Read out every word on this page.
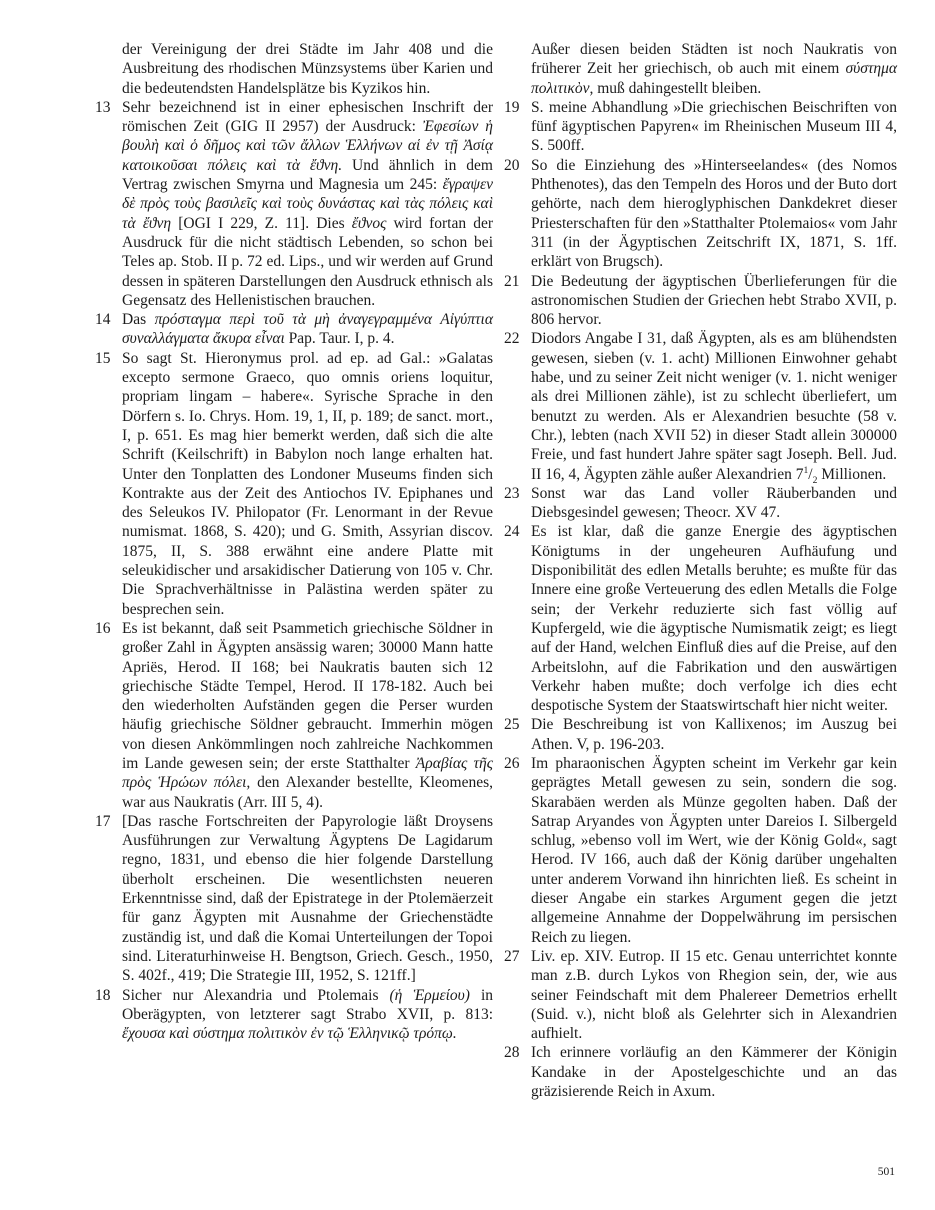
der Vereinigung der drei Städte im Jahr 408 und die Ausbreitung des rhodischen Münzsystems über Karien und die bedeutendsten Handelsplätze bis Kyzikos hin.

13 Sehr bezeichnend ist in einer ephesischen Inschrift der römischen Zeit (GIG II 2957) der Ausdruck: Ἐφεσίων ἡ βουλὴ καὶ ὁ δῆμος καὶ τῶν ἄλλων Ἑλλήνων αἱ ἐν τῇ Ἀσίᾳ κατοικοῦσαι πόλεις καὶ τὰ ἔϑνη. Und ähnlich in dem Vertrag zwischen Smyrna und Magnesia um 245: ἔγραψεν δὲ πρὸς τοὺς βασιλεῖς καὶ τοὺς δυνάστας καὶ τὰς πόλεις καὶ τὰ ἔϑνη [OGI I 229, Z. 11]. Dies ἔϑνος wird fortan der Ausdruck für die nicht städtisch Lebenden, so schon bei Teles ap. Stob. II p. 72 ed. Lips., und wir werden auf Grund dessen in späteren Darstellungen den Ausdruck ethnisch als Gegensatz des Hellenistischen brauchen.

14 Das πρόσταγμα περὶ τοῦ τὰ μὴ ἀναγεγραμμένα Αἰγύπτια συναλλάγματα ἄκυρα εἶναι Pap. Taur. I, p. 4.

15 So sagt St. Hieronymus prol. ad ep. ad Gal.: »Galatas excepto sermone Graeco, quo omnis oriens loquitur, propriam lingam – habere«. Syrische Sprache in den Dörfern s. Io. Chrys. Hom. 19, 1, II, p. 189; de sanct. mort., I, p. 651. Es mag hier bemerkt werden, daß sich die alte Schrift (Keilschrift) in Babylon noch lange erhalten hat. Unter den Tonplatten des Londoner Museums finden sich Kontrakte aus der Zeit des Antiochos IV. Epiphanes und des Seleukos IV. Philopator (Fr. Lenormant in der Revue numismat. 1868, S. 420); und G. Smith, Assyrian discov. 1875, II, S. 388 erwähnt eine andere Platte mit seleukidischer und arsakidischer Datierung von 105 v. Chr. Die Sprachverhältnisse in Palästina werden später zu besprechen sein.

16 Es ist bekannt, daß seit Psammetich griechische Söldner in großer Zahl in Ägypten ansässig waren; 30000 Mann hatte Apriës, Herod. II 168; bei Naukratis bauten sich 12 griechische Städte Tempel, Herod. II 178-182. Auch bei den wiederholten Aufständen gegen die Perser wurden häufig griechische Söldner gebraucht. Immerhin mögen von diesen Ankömmlingen noch zahlreiche Nachkommen im Lande gewesen sein; der erste Statthalter Ἀραβίας τῆς πρὸς Ἡρώων πόλει, den Alexander bestellte, Kleomenes, war aus Naukratis (Arr. III 5, 4).

17 [Das rasche Fortschreiten der Papyrologie läßt Droysens Ausführungen zur Verwaltung Ägyptens De Lagidarum regno, 1831, und ebenso die hier folgende Darstellung überholt erscheinen. Die wesentlichsten neueren Erkenntnisse sind, daß der Epistratege in der Ptolemäerzeit für ganz Ägypten mit Ausnahme der Griechenstädte zuständig ist, und daß die Komai Unterteilungen der Topoi sind. Literaturhinweise H. Bengtson, Griech. Gesch., 1950, S. 402f., 419; Die Strategie III, 1952, S. 121ff.]

18 Sicher nur Alexandria und Ptolemais (ἡ Ἑρμείου) in Oberägypten, von letzterer sagt Strabo XVII, p. 813: ἔχουσα καὶ σύστημα πολιτικὸν ἐν τῷ Ἑλληνικῷ τρόπῳ.

Außer diesen beiden Städten ist noch Naukratis von früherer Zeit her griechisch, ob auch mit einem σύστημα πολιτικὸν, muß dahingestellt bleiben.

19 S. meine Abhandlung »Die griechischen Beischriften von fünf ägyptischen Papyren« im Rheinischen Museum III 4, S. 500ff.

20 So die Einziehung des »Hinterseelandes« (des Nomos Phthenotes), das den Tempeln des Horos und der Buto dort gehörte, nach dem hieroglyphischen Dankdekret dieser Priesterschaften für den »Statthalter Ptolemaios« vom Jahr 311 (in der Ägyptischen Zeitschrift IX, 1871, S. 1ff. erklärt von Brugsch).

21 Die Bedeutung der ägyptischen Überlieferungen für die astronomischen Studien der Griechen hebt Strabo XVII, p. 806 hervor.

22 Diodors Angabe I 31, daß Ägypten, als es am blühendsten gewesen, sieben (v. 1. acht) Millionen Einwohner gehabt habe, und zu seiner Zeit nicht weniger (v. 1. nicht weniger als drei Millionen zähle), ist zu schlecht überliefert, um benutzt zu werden. Als er Alexandrien besuchte (58 v. Chr.), lebten (nach XVII 52) in dieser Stadt allein 300000 Freie, und fast hundert Jahre später sagt Joseph. Bell. Jud. II 16, 4, Ägypten zähle außer Alexandrien $7^1/_2$ Millionen.

23 Sonst war das Land voller Räuberbanden und Diebsgesindel gewesen; Theocr. XV 47.

24 Es ist klar, daß die ganze Energie des ägyptischen Königtums in der ungeheuren Aufhäufung und Disponibilität des edlen Metalls beruhte; es mußte für das Innere eine große Verteuerung des edlen Metalls die Folge sein; der Verkehr reduzierte sich fast völlig auf Kupfergeld, wie die ägyptische Numismatik zeigt; es liegt auf der Hand, welchen Einfluß dies auf die Preise, auf den Arbeitslohn, auf die Fabrikation und den auswärtigen Verkehr haben mußte; doch verfolge ich dies echt despotische System der Staatswirtschaft hier nicht weiter.

25 Die Beschreibung ist von Kallixenos; im Auszug bei Athen. V, p. 196-203.

26 Im pharaonischen Ägypten scheint im Verkehr gar kein geprägtes Metall gewesen zu sein, sondern die sog. Skarabäen werden als Münze gegolten haben. Daß der Satrap Aryandes von Ägypten unter Dareios I. Silbergeld schlug, »ebenso voll im Wert, wie der König Gold«, sagt Herod. IV 166, auch daß der König darüber ungehalten unter anderem Vorwand ihn hinrichten ließ. Es scheint in dieser Angabe ein starkes Argument gegen die jetzt allgemeine Annahme der Doppelwährung im persischen Reich zu liegen.

27 Liv. ep. XIV. Eutrop. II 15 etc. Genau unterrichtet konnte man z.B. durch Lykos von Rhegion sein, der, wie aus seiner Feindschaft mit dem Phalereer Demetrios erhellt (Suid. v.), nicht bloß als Gelehrter sich in Alexandrien aufhielt.

28 Ich erinnere vorläufig an den Kämmerer der Königin Kandake in der Apostelgeschichte und an das gräzisierende Reich in Axum.

501
